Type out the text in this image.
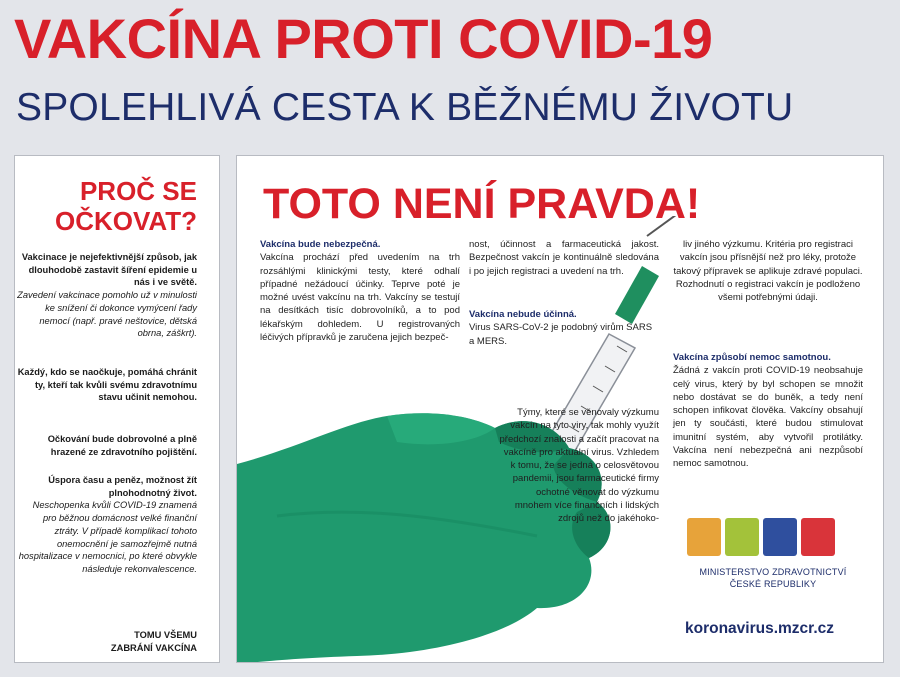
VAKCÍNA PROTI COVID-19
SPOLEHLIVÁ CESTA K BĚŽNÉMU ŽIVOTU
PROČ SE
OČKOVAT?
Vakcinace je nejefektivnější způsob, jak dlouhodobě zastavit šíření epidemie u nás i ve světě.
Zavedení vakcinace pomohlo už v minulosti ke snížení či dokonce vymýcení řady nemocí (např. pravé neštovice, dětská obrna, záškrt).
Každý, kdo se naočkuje, pomáhá chránit ty, kteří tak kvůli svému zdravotnímu stavu učinit nemohou.
Očkování bude dobrovolné a plně hrazené ze zdravotního pojištění.
Úspora času a peněz, možnost žít plnohodnotný život.
Neschopenka kvůli COVID-19 znamená pro běžnou domácnost velké finanční ztráty. V případě komplikací tohoto onemocnění je samozřejmě nutná hospitalizace v nemocnici, po které obvykle následuje rekonvalescence.
TOMU VŠEMU
ZABRÁNÍ VAKCÍNA
TOTO NENÍ PRAVDA!
Vakcína bude nebezpečná.

Vakcína prochází před uvedením na trh rozsáhlými klinickými testy, které odhalí případné nežádoucí účinky. Teprve poté je možné uvést vakcínu na trh. Vakcíny se testují na desítkách tisíc dobrovolníků, a to pod lékařským dohledem. U registrovaných léčivých přípravků je zaručena jejich bezpeč-

nost, účinnost a farmaceutická jakost. Bezpečnost vakcín je kontinuálně sledována i po jejich registraci a uvedení na trh.

Vakcína nebude účinná.
Virus SARS-CoV-2 je podobný virům SARS a MERS.

Týmy, které se věnovaly výzkumu vakcín na tyto viry, tak mohly využít předchozí znalosti a začít pracovat na vakcíně pro aktuální virus. Vzhledem k tomu, že se jedná o celosvětovou pandemii, jsou farmaceutické firmy ochotné věnovat do výzkumu mnohem více finančních i lidských zdrojů než do jakéhoko-

liv jiného výzkumu. Kritéria pro registraci vakcín jsou přísnější než pro léky, protože takový přípravek se aplikuje zdravé populaci. Rozhodnutí o registraci vakcín je podloženo všemi potřebnými údaji.

Vakcína způsobí nemoc samotnou.

Žádná z vakcín proti COVID-19 neobsahuje celý virus, který by byl schopen se množit nebo dostávat se do buněk, a tedy není schopen infikovat člověka. Vakcíny obsahují jen ty součásti, které budou stimulovat imunitní systém, aby vytvořil protilátky. Vakcína není nebezpečná ani nezpůsobí nemoc samotnou.

MINISTERSTVO ZDRAVOTNICTVÍ
ČESKÉ REPUBLIKY
koronavirus.mzcr.cz
